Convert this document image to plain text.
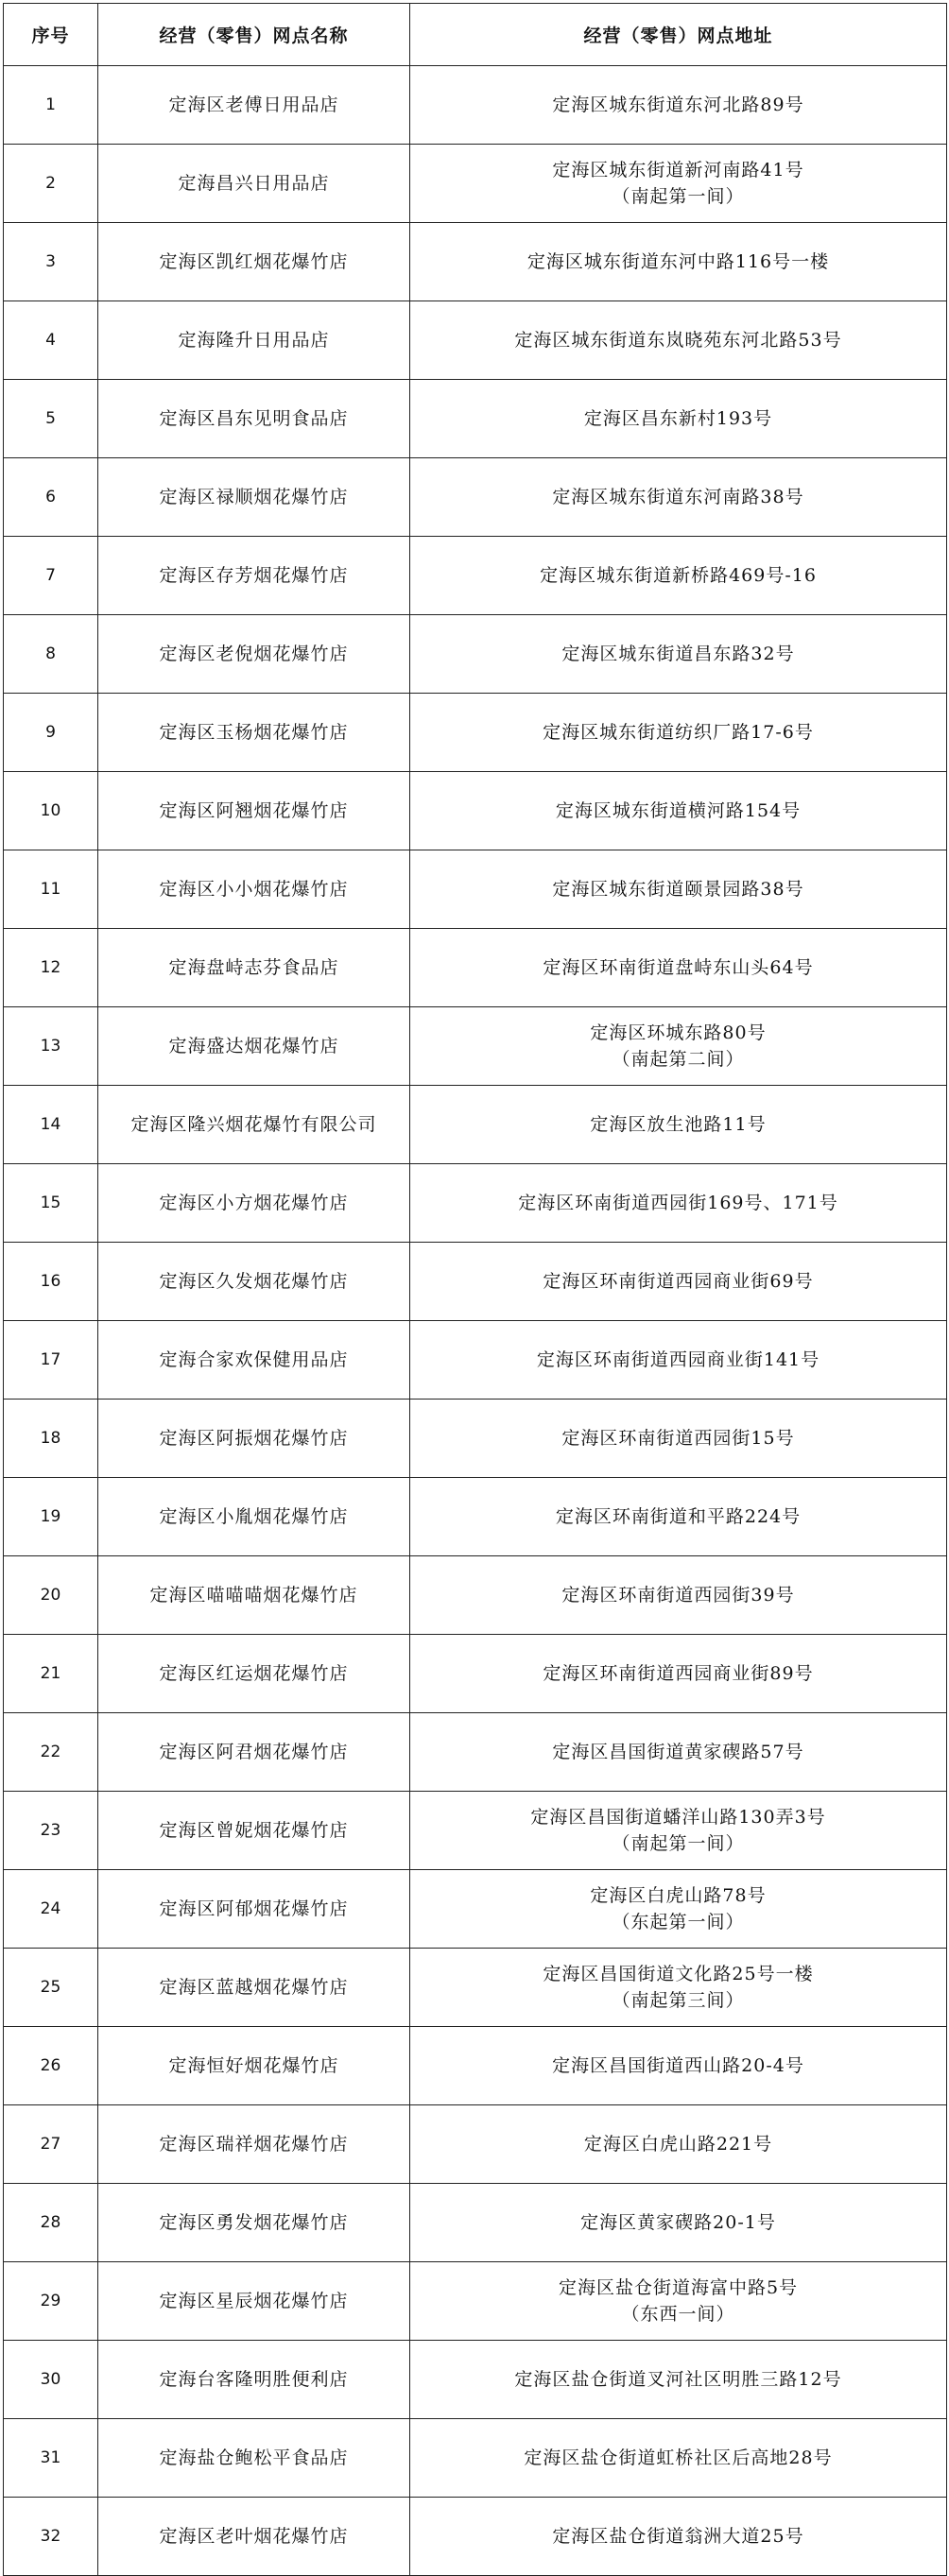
序号	经营（零售）网点名称	经营（零售）网点地址
1	定海区老傅日用品店	定海区城东街道东河北路89号

2	定海昌兴日用品店	定海区城东街道新河南路41号
（南起第一间）

3	定海区凯红烟花爆竹店	定海区城东街道东河中路116号一楼

4	定海隆升日用品店	定海区城东街道东岚晓苑东河北路53号

5	定海区昌东见明食品店	定海区昌东新村193号

6	定海区禄顺烟花爆竹店	定海区城东街道东河南路38号

7	定海区存芳烟花爆竹店	定海区城东街道新桥路469号-16

8	定海区老倪烟花爆竹店	定海区城东街道昌东路32号

9	定海区玉杨烟花爆竹店	定海区城东街道纺织厂路17-6号

10	定海区阿翘烟花爆竹店	定海区城东街道横河路154号

11	定海区小小烟花爆竹店	定海区城东街道颐景园路38号

12	定海盘峙志芬食品店	定海区环南街道盘峙东山头64号

13	定海盛达烟花爆竹店	定海区环城东路80号
（南起第二间）

14	定海区隆兴烟花爆竹有限公司	定海区放生池路11号

15	定海区小方烟花爆竹店	定海区环南街道西园街169号、171号

16	定海区久发烟花爆竹店	定海区环南街道西园商业街69号

17	定海合家欢保健用品店	定海区环南街道西园商业街141号

18	定海区阿振烟花爆竹店	定海区环南街道西园街15号

19	定海区小胤烟花爆竹店	定海区环南街道和平路224号

20	定海区喵喵喵烟花爆竹店	定海区环南街道西园街39号

21	定海区红运烟花爆竹店	定海区环南街道西园商业街89号

22	定海区阿君烟花爆竹店	定海区昌国街道黄家碶路57号

23	定海区曾妮烟花爆竹店	定海区昌国街道蟠洋山路130弄3号
（南起第一间）

24	定海区阿郁烟花爆竹店	定海区白虎山路78号
（东起第一间）

25	定海区蓝越烟花爆竹店	定海区昌国街道文化路25号一楼
（南起第三间）

26	定海恒好烟花爆竹店	定海区昌国街道西山路20-4号

27	定海区瑞祥烟花爆竹店	定海区白虎山路221号

28	定海区勇发烟花爆竹店	定海区黄家碶路20-1号

29	定海区星辰烟花爆竹店	定海区盐仓街道海富中路5号
（东西一间）

30	定海台客隆明胜便利店	定海区盐仓街道叉河社区明胜三路12号

31	定海盐仓鲍松平食品店	定海区盐仓街道虹桥社区后高地28号

32	定海区老叶烟花爆竹店	定海区盐仓街道翁洲大道25号
